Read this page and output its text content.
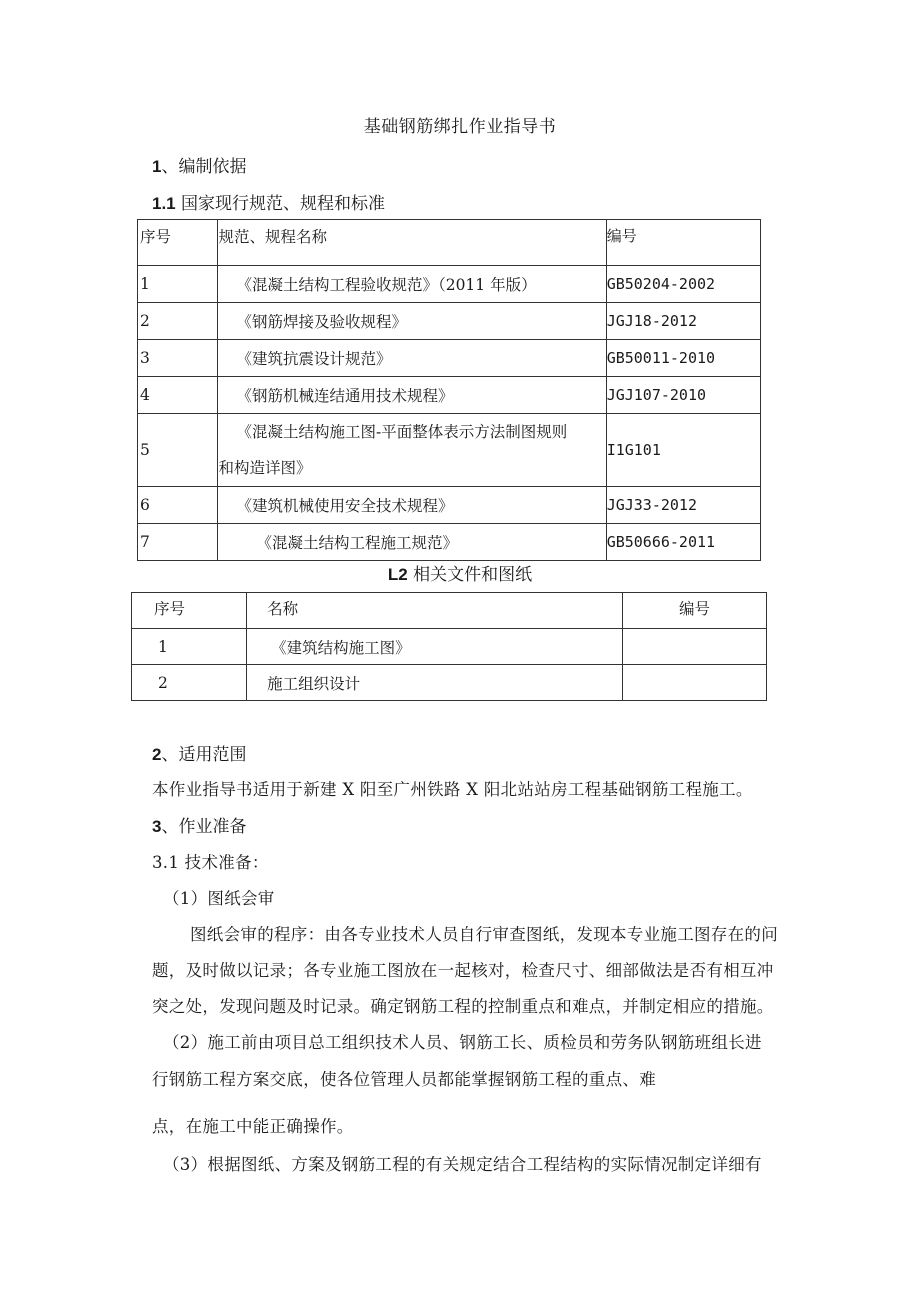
基础钢筋绑扎作业指导书
1、编制依据
1.1 国家现行规范、规程和标准
序号	规范、规程名称	编号
1	《混凝土结构工程验收规范》（2011 年版）	GB50204-2002
2	《钢筋焊接及验收规程》	JGJ18-2012
3	《建筑抗震设计规范》	GB50011-2010
4	《钢筋机械连结通用技术规程》	JGJ107-2010
5	《混凝土结构施工图-平面整体表示方法制图规则
和构造详图》	I1G101
6	《建筑机械使用安全技术规程》	JGJ33-2012
7	《混凝土结构工程施工规范》	GB50666-2011
L2 相关文件和图纸
序号	名称	编号
1	《建筑结构施工图》	
2	施工组织设计	
2、适用范围
本作业指导书适用于新建 X 阳至广州铁路 X 阳北站站房工程基础钢筋工程施工。
3、作业准备
3.1 技术准备：
（1）图纸会审
图纸会审的程序：由各专业技术人员自行审查图纸，发现本专业施工图存在的问
题，及时做以记录；各专业施工图放在一起核对，检查尺寸、细部做法是否有相互冲
突之处，发现问题及时记录。确定钢筋工程的控制重点和难点，并制定相应的措施。
（2）施工前由项目总工组织技术人员、钢筋工长、质检员和劳务队钢筋班组长进
行钢筋工程方案交底，使各位管理人员都能掌握钢筋工程的重点、难
点，在施工中能正确操作。
（3）根据图纸、方案及钢筋工程的有关规定结合工程结构的实际情况制定详细有
